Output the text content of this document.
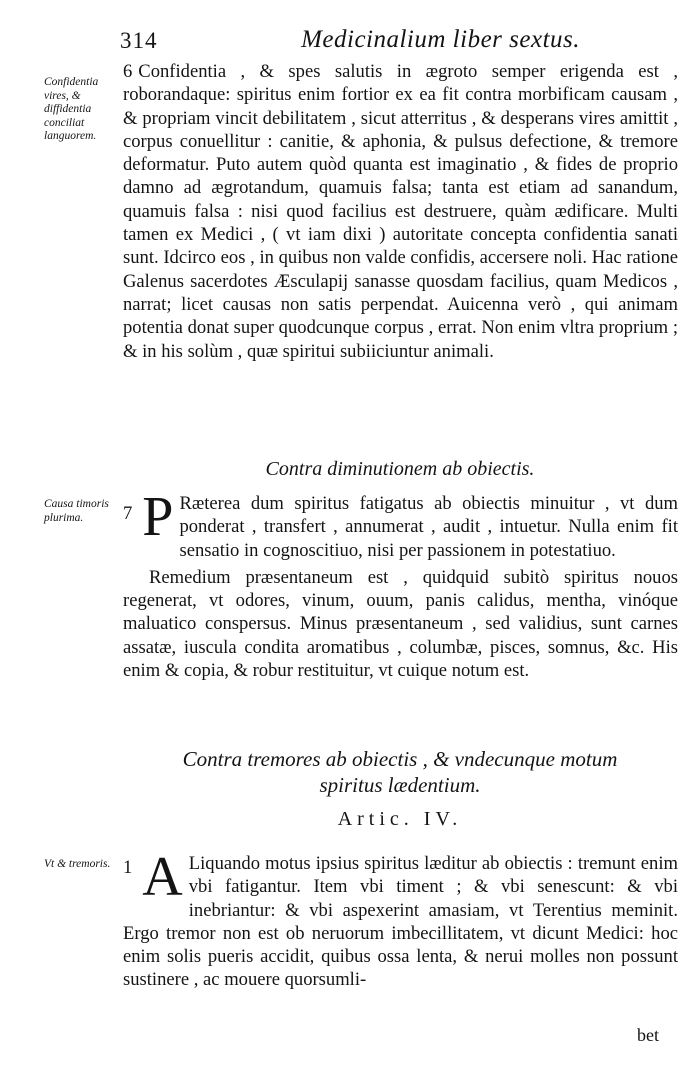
314	Medicinalium liber sextus.
Confidentia vires, & diffidentia conciliat languorem.

6 Confidentia , & spes salutis in ægroto semper erigenda est , roborandaque: spiritus enim fortior ex ea fit contra morbificam causam , & propriam vincit debilitatem , sicut atterritus , & desperans vires amittit , corpus conuellitur : canitie, & aphonia, & pulsus defectione, & tremore deformatur. Puto autem quòd quanta est imaginatio , & fides de proprio damno ad ægrotandum, quamuis falsa; tanta est etiam ad sanandum, quamuis falsa : nisi quod facilius est destruere, quàm ædificare. Multi tamen ex Medici , ( vt iam dixi ) autoritate concepta confidentia sanati sunt. Idcirco eos , in quibus non valde confidis, accersere noli. Hac ratione Galenus sacerdotes Æsculapij sanasse quosdam facilius, quam Medicos , narrat; licet causas non satis perpendat. Auicenna verò , qui animam potentia donat super quodcunque corpus , errat. Non enim vltra proprium ; & in his solùm , quæ spiritui subiiciuntur animali.

Contra diminutionem ab obiectis.
Causa timoris plurima.	7 P Ræterea dum spiritus fatigatus ab obiectis minuitur , vt dum ponderat , transfert , annumerat , audit , intuetur. Nulla enim fit sensatio in cognoscitiuo, nisi per passionem in potestatiuo.

Remedium præsentaneum est , quidquid subitò spiritus nouos regenerat, vt odores, vinum, ouum, panis calidus, mentha, vinóque maluatico conspersus. Minus præsentaneum , sed validius, sunt carnes assatæ, iuscula condita aromatibus , columbæ, pisces, somnus, &c. His enim & copia, & robur restituitur, vt cuique notum est.

Contra tremores ab obiectis , & vndecunque motum
spiritus lædentium.
Artic. IV.
Vt & tremoris. 1 A Liquando motus ipsius spiritus læditur ab obiectis : tremunt enim vbi fatigantur. Item vbi timent ; & vbi senescunt: & vbi inebriantur: & vbi aspexerint amasiam, vt Terentius meminit. Ergo tremor non est ob neruorum imbecillitatem, vt dicunt Medici: hoc enim solis pueris accidit, quibus ossa lenta, & nerui molles non possunt sustinere , ac mouere quorsumli-

bet
